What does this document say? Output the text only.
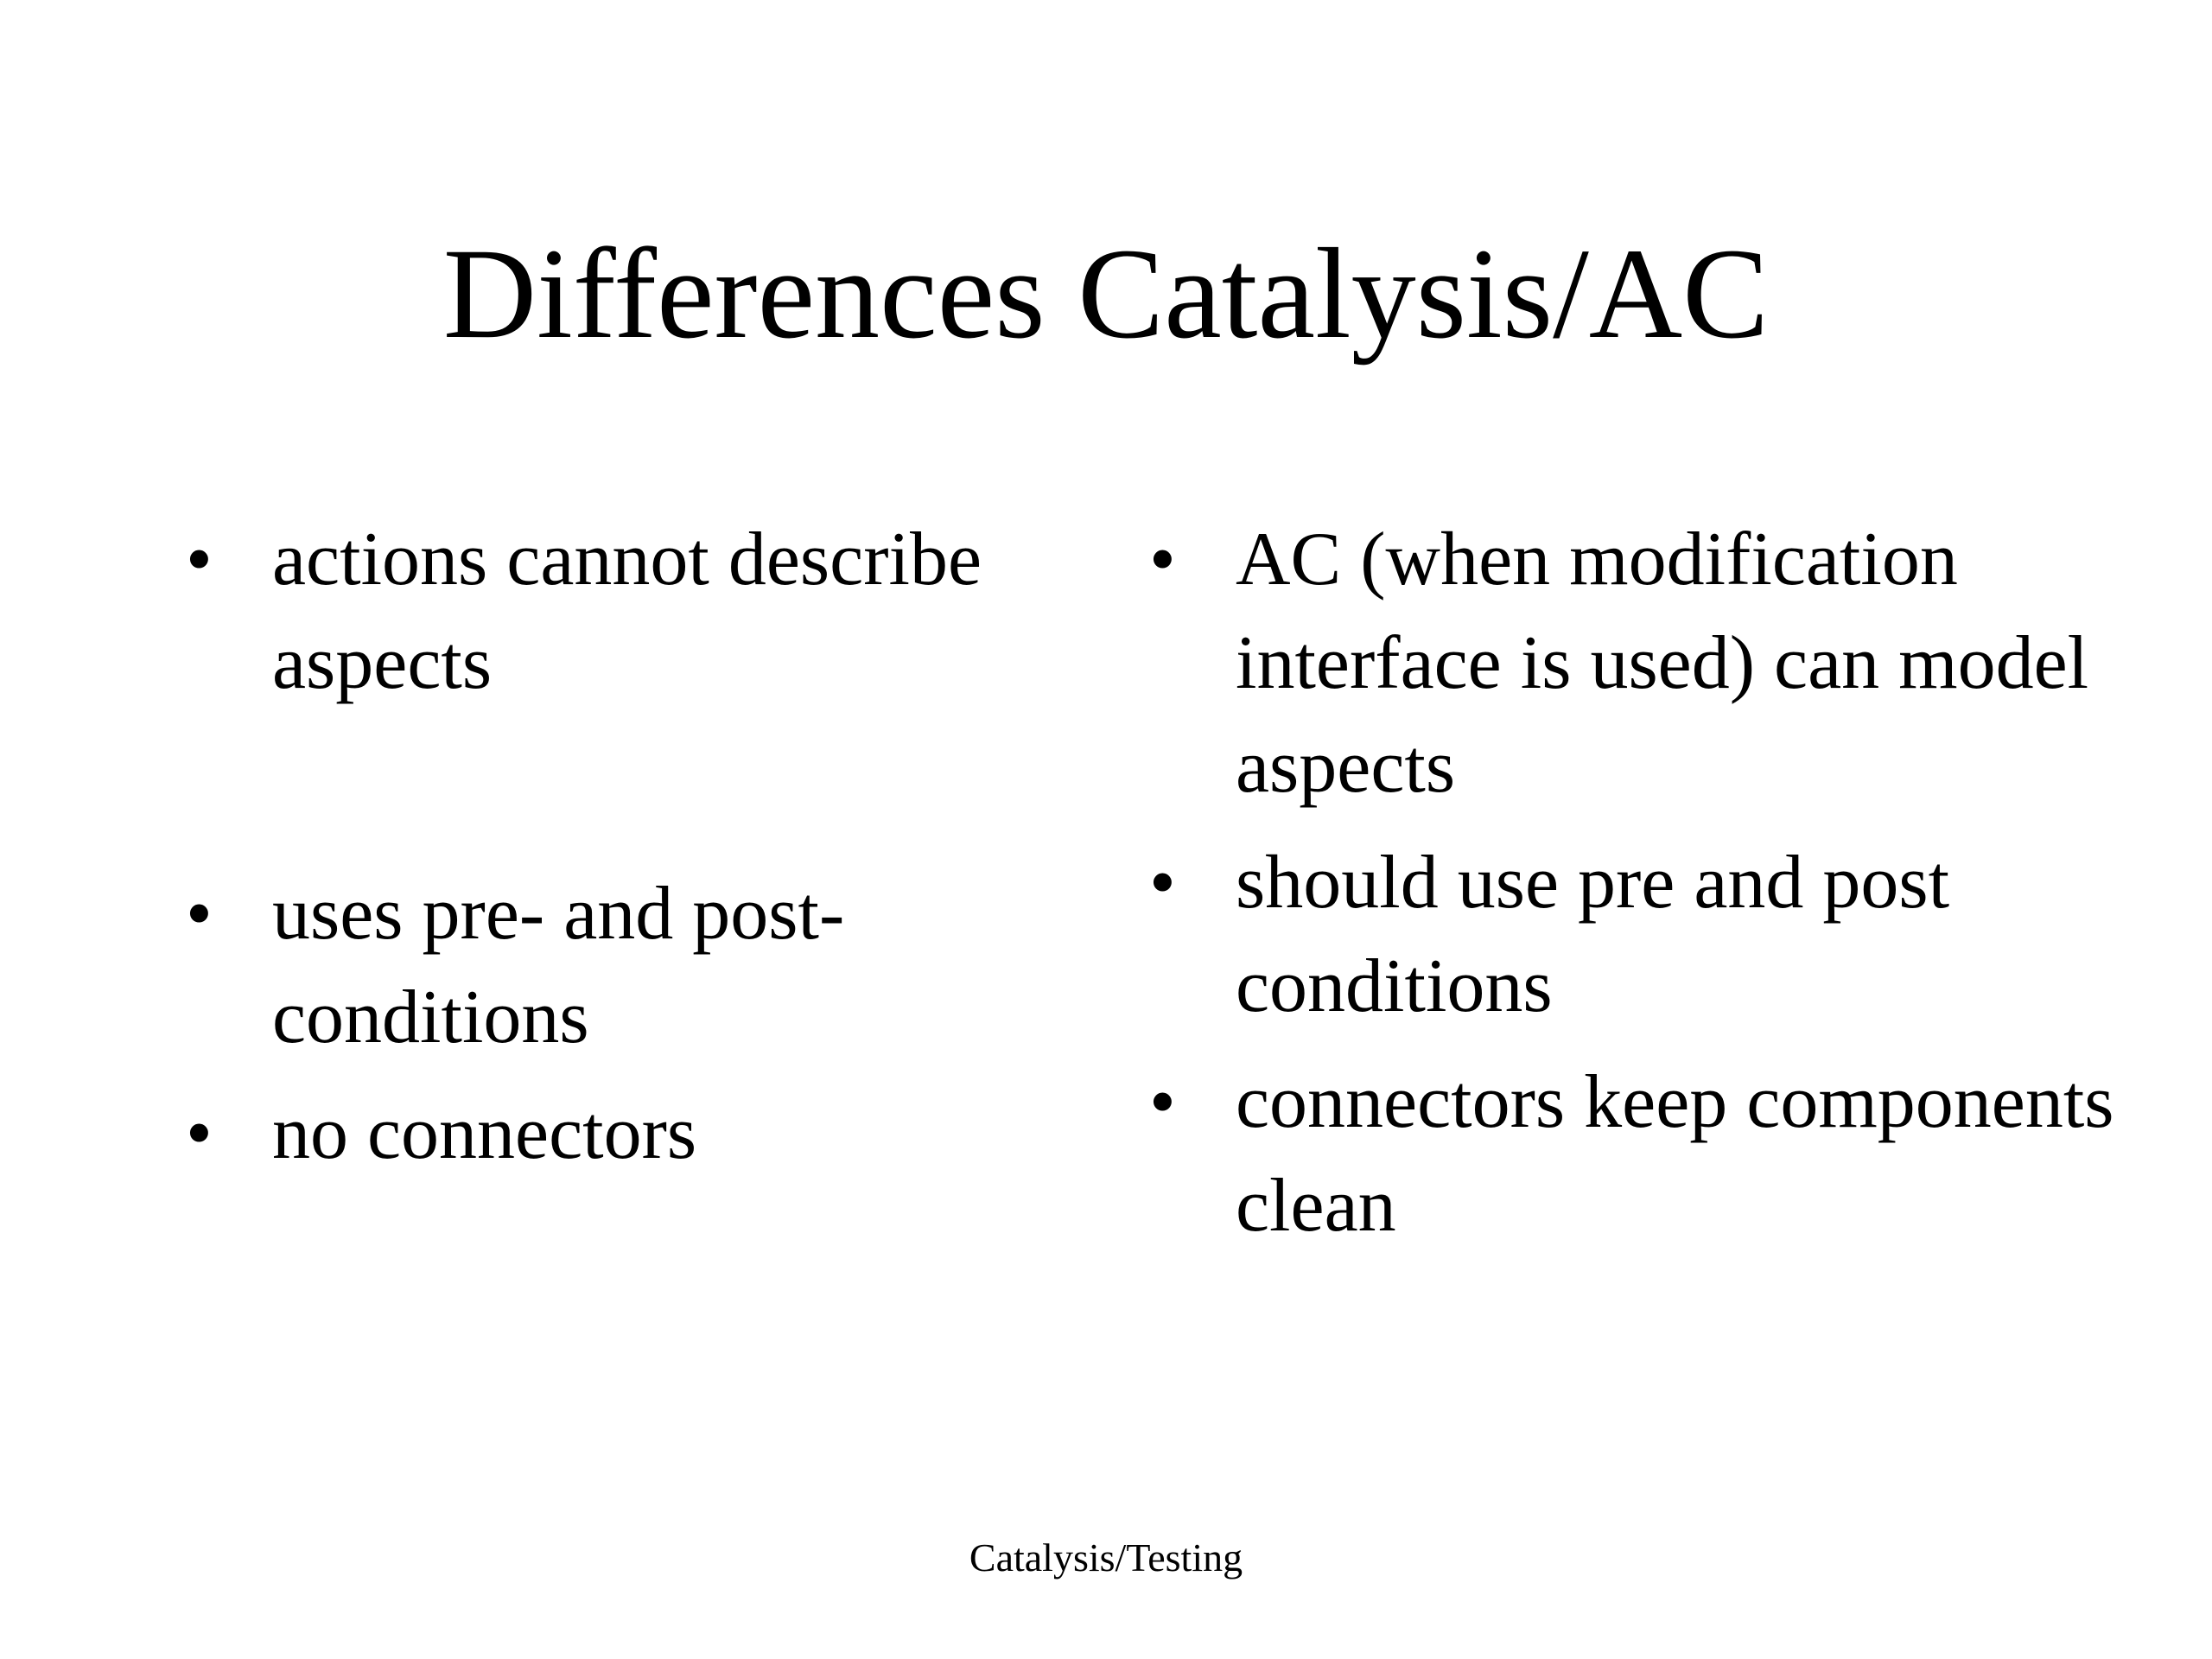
Differences Catalysis/AC
• actions cannot describe aspects
• uses pre- and post-conditions
• no connectors
• AC (when modification interface is used) can model aspects
• should use pre and post conditions
• connectors keep components clean
Catalysis/Testing
